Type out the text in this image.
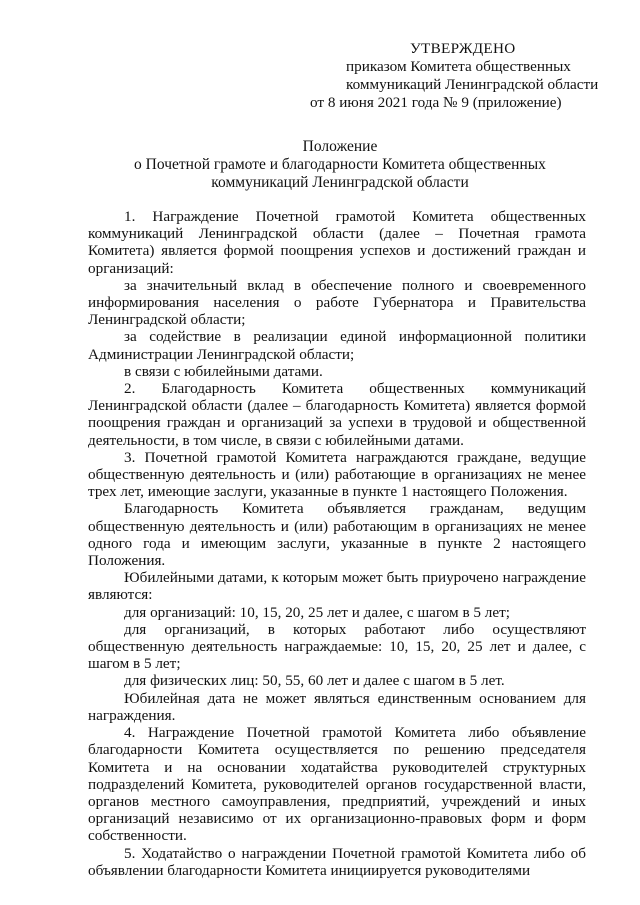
УТВЕРЖДЕНО
приказом Комитета общественных
коммуникаций Ленинградской области
от 8 июня 2021 года № 9 (приложение)
Положение
о Почетной грамоте и благодарности Комитета общественных
коммуникаций Ленинградской области

1. Награждение Почетной грамотой Комитета общественных коммуникаций Ленинградской области (далее – Почетная грамота Комитета) является формой поощрения успехов и достижений граждан и организаций:

за значительный вклад в обеспечение полного и своевременного информирования населения о работе Губернатора и Правительства Ленинградской области;

за содействие в реализации единой информационной политики Администрации Ленинградской области;

в связи с юбилейными датами.

2. Благодарность Комитета общественных коммуникаций Ленинградской области (далее – благодарность Комитета) является формой поощрения граждан и организаций за успехи в трудовой и общественной деятельности, в том числе, в связи с юбилейными датами.

3. Почетной грамотой Комитета награждаются граждане, ведущие общественную деятельность и (или) работающие в организациях не менее трех лет, имеющие заслуги, указанные в пункте 1 настоящего Положения.

Благодарность Комитета объявляется гражданам, ведущим общественную деятельность и (или) работающим в организациях не менее одного года и имеющим заслуги, указанные в пункте 2 настоящего Положения.

Юбилейными датами, к которым может быть приурочено награждение являются:

для организаций: 10, 15, 20, 25 лет и далее, с шагом в 5 лет;

для организаций, в которых работают либо осуществляют общественную деятельность награждаемые: 10, 15, 20, 25 лет и далее, с шагом в 5 лет;

для физических лиц: 50, 55, 60 лет и далее с шагом в 5 лет.

Юбилейная дата не может являться единственным основанием для награждения.

4. Награждение Почетной грамотой Комитета либо объявление благодарности Комитета осуществляется по решению председателя Комитета и на основании ходатайства руководителей структурных подразделений Комитета, руководителей органов государственной власти, органов местного самоуправления, предприятий, учреждений и иных организаций независимо от их организационно-правовых форм и форм собственности.

5. Ходатайство о награждении Почетной грамотой Комитета либо об объявлении благодарности Комитета инициируется руководителями
